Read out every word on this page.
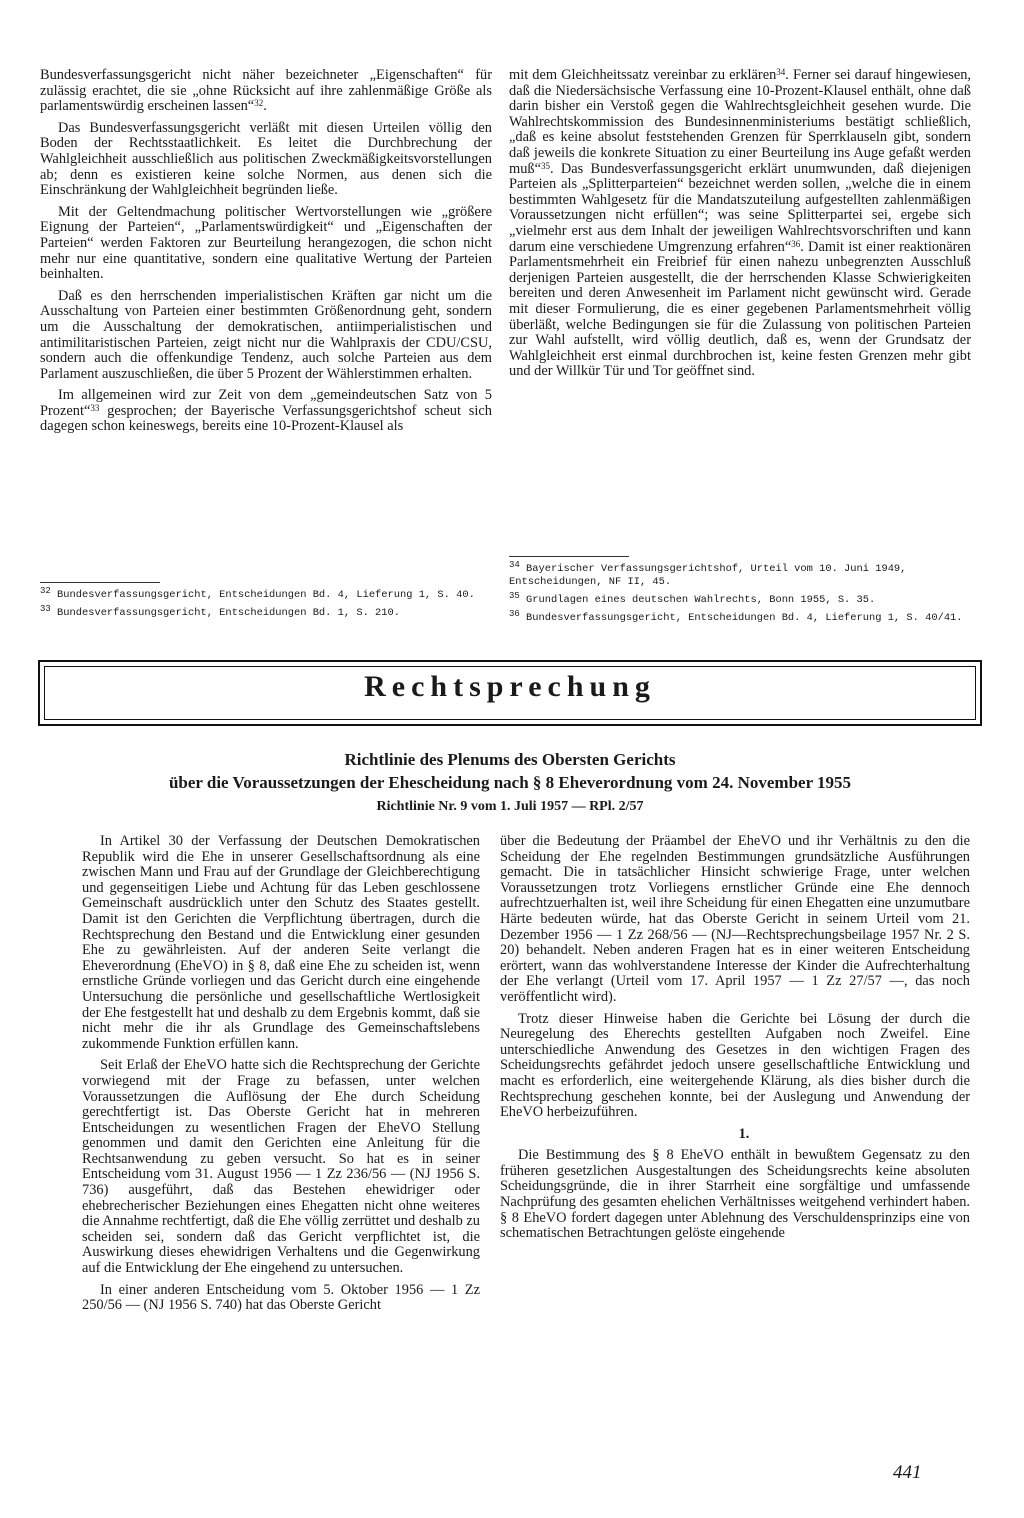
Bundesverfassungsgericht nicht näher bezeichneter „Eigenschaften“ für zulässig erachtet, die sie „ohne Rücksicht auf ihre zahlenmäßige Größe als parlamentswürdig erscheinen lassen“$^{32}$.

Das Bundesverfassungsgericht verläßt mit diesen Urteilen völlig den Boden der Rechtsstaatlichkeit. Es leitet die Durchbrechung der Wahlgleichheit ausschließlich aus politischen Zweckmäßigkeitsvorstellungen ab; denn es existieren keine solche Normen, aus denen sich die Einschränkung der Wahlgleichheit begründen ließe.

Mit der Geltendmachung politischer Wertvorstellungen wie „größere Eignung der Parteien“, „Parlamentswürdigkeit“ und „Eigenschaften der Parteien“ werden Faktoren zur Beurteilung herangezogen, die schon nicht mehr nur eine quantitative, sondern eine qualitative Wertung der Parteien beinhalten.

Daß es den herrschenden imperialistischen Kräften gar nicht um die Ausschaltung von Parteien einer bestimmten Größenordnung geht, sondern um die Ausschaltung der demokratischen, antiimperialistischen und antimilitaristischen Parteien, zeigt nicht nur die Wahlpraxis der CDU/CSU, sondern auch die offenkundige Tendenz, auch solche Parteien aus dem Parlament auszuschließen, die über 5 Prozent der Wählerstimmen erhalten.

Im allgemeinen wird zur Zeit von dem „gemeindeutschen Satz von 5 Prozent“$^{33}$ gesprochen; der Bayerische Verfassungsgerichtshof scheut sich dagegen schon keineswegs, bereits eine 10-Prozent-Klausel als

mit dem Gleichheitssatz vereinbar zu erklären$^{34}$. Ferner sei darauf hingewiesen, daß die Niedersächsische Verfassung eine 10-Prozent-Klausel enthält, ohne daß darin bisher ein Verstoß gegen die Wahlrechtsgleichheit gesehen wurde. Die Wahlrechtskommission des Bundesinnenministeriums bestätigt schließlich, „daß es keine absolut feststehenden Grenzen für Sperrklauseln gibt, sondern daß jeweils die konkrete Situation zu einer Beurteilung ins Auge gefaßt werden muß“$^{35}$. Das Bundesverfassungsgericht erklärt unumwunden, daß diejenigen Parteien als „Splitterparteien“ bezeichnet werden sollen, „welche die in einem bestimmten Wahlgesetz für die Mandatszuteilung aufgestellten zahlenmäßigen Voraussetzungen nicht erfüllen“; was seine Splitterpartei sei, ergebe sich „vielmehr erst aus dem Inhalt der jeweiligen Wahlrechtsvorschriften und kann darum eine verschiedene Umgrenzung erfahren“$^{36}$. Damit ist einer reaktionären Parlamentsmehrheit ein Freibrief für einen nahezu unbegrenzten Ausschluß derjenigen Parteien ausgestellt, die der herrschenden Klasse Schwierigkeiten bereiten und deren Anwesenheit im Parlament nicht gewünscht wird. Gerade mit dieser Formulierung, die es einer gegebenen Parlamentsmehrheit völlig überläßt, welche Bedingungen sie für die Zulassung von politischen Parteien zur Wahl aufstellt, wird völlig deutlich, daß es, wenn der Grundsatz der Wahlgleichheit erst einmal durchbrochen ist, keine festen Grenzen mehr gibt und der Willkür Tür und Tor geöffnet sind.

$^{32}$ Bundesverfassungsgericht, Entscheidungen Bd. 4, Lieferung 1, S. 40.

$^{33}$ Bundesverfassungsgericht, Entscheidungen Bd. 1, S. 210.

$^{34}$ Bayerischer Verfassungsgerichtshof, Urteil vom 10. Juni 1949, Entscheidungen, NF II, 45.

$^{35}$ Grundlagen eines deutschen Wahlrechts, Bonn 1955, S. 35.

$^{36}$ Bundesverfassungsgericht, Entscheidungen Bd. 4, Lieferung 1, S. 40/41.

Rechtsprechung
Richtlinie des Plenums des Obersten Gerichts
über die Voraussetzungen der Ehescheidung nach § 8 Eheverordnung vom 24. November 1955
Richtlinie Nr. 9 vom 1. Juli 1957 — RPl. 2/57

In Artikel 30 der Verfassung der Deutschen Demokratischen Republik wird die Ehe in unserer Gesellschaftsordnung als eine zwischen Mann und Frau auf der Grundlage der Gleichberechtigung und gegenseitigen Liebe und Achtung für das Leben geschlossene Gemeinschaft ausdrücklich unter den Schutz des Staates gestellt. Damit ist den Gerichten die Verpflichtung übertragen, durch die Rechtsprechung den Bestand und die Entwicklung einer gesunden Ehe zu gewährleisten. Auf der anderen Seite verlangt die Eheverordnung (EheVO) in § 8, daß eine Ehe zu scheiden ist, wenn ernstliche Gründe vorliegen und das Gericht durch eine eingehende Untersuchung die persönliche und gesellschaftliche Wertlosigkeit der Ehe festgestellt hat und deshalb zu dem Ergebnis kommt, daß sie nicht mehr die ihr als Grundlage des Gemeinschaftslebens zukommende Funktion erfüllen kann.

Seit Erlaß der EheVO hatte sich die Rechtsprechung der Gerichte vorwiegend mit der Frage zu befassen, unter welchen Voraussetzungen die Auflösung der Ehe durch Scheidung gerechtfertigt ist. Das Oberste Gericht hat in mehreren Entscheidungen zu wesentlichen Fragen der EheVO Stellung genommen und damit den Gerichten eine Anleitung für die Rechtsanwendung zu geben versucht. So hat es in seiner Entscheidung vom 31. August 1956 — 1 Zz 236/56 — (NJ 1956 S. 736) ausgeführt, daß das Bestehen ehewidriger oder ehebrecherischer Beziehungen eines Ehegatten nicht ohne weiteres die Annahme rechtfertigt, daß die Ehe völlig zerrüttet und deshalb zu scheiden sei, sondern daß das Gericht verpflichtet ist, die Auswirkung dieses ehewidrigen Verhaltens und die Gegenwirkung auf die Entwicklung der Ehe eingehend zu untersuchen.

In einer anderen Entscheidung vom 5. Oktober 1956 — 1 Zz 250/56 — (NJ 1956 S. 740) hat das Oberste Gericht

über die Bedeutung der Präambel der EheVO und ihr Verhältnis zu den die Scheidung der Ehe regelnden Bestimmungen grundsätzliche Ausführungen gemacht. Die in tatsächlicher Hinsicht schwierige Frage, unter welchen Voraussetzungen trotz Vorliegens ernstlicher Gründe eine Ehe dennoch aufrechtzuerhalten ist, weil ihre Scheidung für einen Ehegatten eine unzumutbare Härte bedeuten würde, hat das Oberste Gericht in seinem Urteil vom 21. Dezember 1956 — 1 Zz 268/56 — (NJ—Rechtsprechungsbeilage 1957 Nr. 2 S. 20) behandelt. Neben anderen Fragen hat es in einer weiteren Entscheidung erörtert, wann das wohlverstandene Interesse der Kinder die Aufrechterhaltung der Ehe verlangt (Urteil vom 17. April 1957 — 1 Zz 27/57 —, das noch veröffentlicht wird).

Trotz dieser Hinweise haben die Gerichte bei Lösung der durch die Neuregelung des Eherechts gestellten Aufgaben noch Zweifel. Eine unterschiedliche Anwendung des Gesetzes in den wichtigen Fragen des Scheidungsrechts gefährdet jedoch unsere gesellschaftliche Entwicklung und macht es erforderlich, eine weitergehende Klärung, als dies bisher durch die Rechtsprechung geschehen konnte, bei der Auslegung und Anwendung der EheVO herbeizuführen.

1.

Die Bestimmung des § 8 EheVO enthält in bewußtem Gegensatz zu den früheren gesetzlichen Ausgestaltungen des Scheidungsrechts keine absoluten Scheidungsgründe, die in ihrer Starrheit eine sorgfältige und umfassende Nachprüfung des gesamten ehelichen Verhältnisses weitgehend verhindert haben. § 8 EheVO fordert dagegen unter Ablehnung des Verschuldensprinzips eine von schematischen Betrachtungen gelöste eingehende

441
